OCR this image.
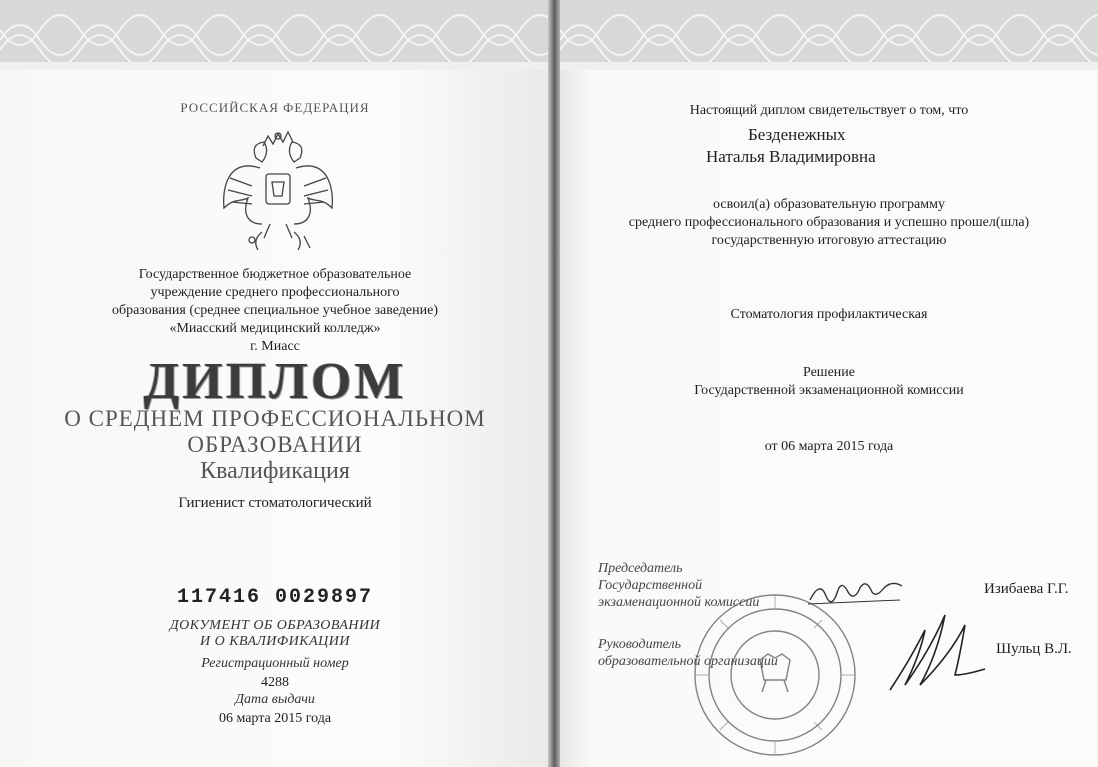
РОССИЙСКАЯ ФЕДЕРАЦИЯ
Государственное бюджетное образовательное
учреждение среднего профессионального
образования (среднее специальное учебное заведение)
«Миасский медицинский колледж»
г. Миасс
ДИПЛОМ
О СРЕДНЕМ ПРОФЕССИОНАЛЬНОМ
ОБРАЗОВАНИИ
Квалификация
Гигиенист стоматологический
117416 0029897
ДОКУМЕНТ ОБ ОБРАЗОВАНИИ
И О КВАЛИФИКАЦИИ
Регистрационный номер
4288
Дата выдачи
06 марта 2015 года
Настоящий диплом свидетельствует о том, что
Безденежных
Наталья Владимировна
освоил(а) образовательную программу
среднего профессионального образования и успешно прошел(шла)
государственную итоговую аттестацию
Стоматология профилактическая
Решение
Государственной экзаменационной комиссии
от 06 марта 2015 года
Председатель
Государственной
экзаменационной комиссии
Изибаева Г.Г.
Руководитель
образовательной организации
Шульц В.Л.
